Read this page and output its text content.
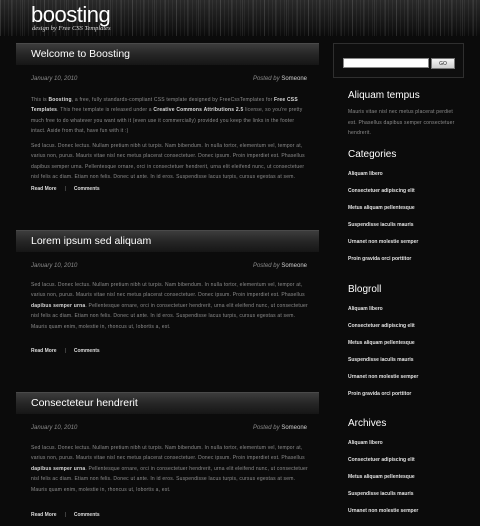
boosting
design by Free CSS Templates
Welcome to Boosting
January 10, 2010	Posted by Someone
This is Boosting, a free, fully standards-compliant CSS template designed by FreeCssTemplates for Free CSS Templates. This free template is released under a Creative Commons Attributions 2.5 license, so you're pretty much free to do whatever you want with it (even use it commercially) provided you keep the links in the footer intact. Aside from that, have fun with it :)
Sed lacus. Donec lectus. Nullam pretium nibh ut turpis. Nam bibendum. In nulla tortor, elementum vel, tempor at, varius non, purus. Mauris vitae nisl nec metus placerat consectetuer. Donec ipsum. Proin imperdiet est. Phasellus dapibus semper urna. Pellentesque ornare, orci in consectetuer hendrerit, urna elit eleifend nunc, ut consectetuer nisl felis ac diam. Etiam non felis. Donec ut ante. In id eros. Suspendisse lacus turpis, cursus egestas at sem.
Read More | Comments
Lorem ipsum sed aliquam
January 10, 2010	Posted by Someone
Sed lacus. Donec lectus. Nullam pretium nibh ut turpis. Nam bibendum. In nulla tortor, elementum vel, tempor at, varius non, purus. Mauris vitae nisl nec metus placerat consectetuer. Donec ipsum. Proin imperdiet est. Phasellus dapibus semper urna. Pellentesque ornare, orci in consectetuer hendrerit, urna elit eleifend nunc, ut consectetuer nisl felis ac diam. Etiam non felis. Donec ut ante. In id eros. Suspendisse lacus turpis, cursus egestas at sem. Mauris quam enim, molestie in, rhoncus ut, lobortis a, est.
Read More | Comments
Consecteteur hendrerit
January 10, 2010	Posted by Someone
Sed lacus. Donec lectus. Nullam pretium nibh ut turpis. Nam bibendum. In nulla tortor, elementum vel, tempor at, varius non, purus. Mauris vitae nisl nec metus placerat consectetuer. Donec ipsum. Proin imperdiet est. Phasellus dapibus semper urna. Pellentesque ornare, orci in consectetuer hendrerit, urna elit eleifend nunc, ut consectetuer nisl felis ac diam. Etiam non felis. Donec ut ante. In id eros. Suspendisse lacus turpis, cursus egestas at sem. Mauris quam enim, molestie in, rhoncus ut, lobortis a, est.
Read More | Comments
GO
Aliquam tempus
Mauris vitae nisl nec metus placerat perdiet est. Phasellus dapibus semper consectetuer hendrerit.
Categories
Aliquam libero
Consectetuer adipiscing elit
Metus aliquam pellentesque
Suspendisse iaculis mauris
Urnanet non molestie semper
Proin gravida orci porttitor
Blogroll
Aliquam libero
Consectetuer adipiscing elit
Metus aliquam pellentesque
Suspendisse iaculis mauris
Urnanet non molestie semper
Proin gravida orci porttitor
Archives
Aliquam libero
Consectetuer adipiscing elit
Metus aliquam pellentesque
Suspendisse iaculis mauris
Urnanet non molestie semper
